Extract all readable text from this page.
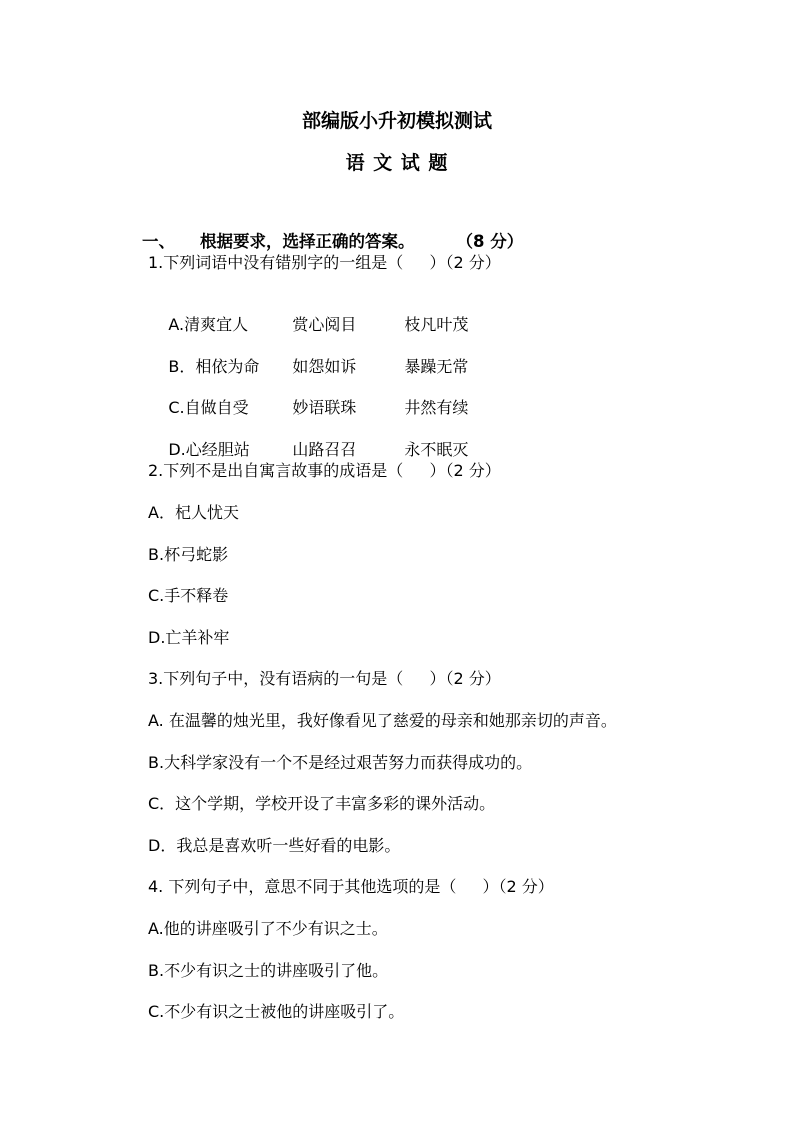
部编版小升初模拟测试
语 文 试 题

一、 根据要求，选择正确的答案。	（8 分）

1.下列词语中没有错别字的一组是（　  ）（2 分）

A.清爽宜人	赏心阅目	枝凡叶茂

B．相依为命 如怨如诉	暴躁无常

C.自做自受	妙语联珠	井然有续

D.心经胆站	山路召召	永不眠灭

2.下列不是出自寓言故事的成语是（　  ）（2 分）
A．杞人忧天
B.杯弓蛇影
C.手不释卷
D.亡羊补牢
3.下列句子中，没有语病的一句是（　  ）（2 分）
A. 在温馨的烛光里，我好像看见了慈爱的母亲和她那亲切的声音。
B.大科学家没有一个不是经过艰苦努力而获得成功的。
C．这个学期，学校开设了丰富多彩的课外活动。
D．我总是喜欢听一些好看的电影。
4. 下列句子中，意思不同于其他选项的是（　  ）（2 分）
A.他的讲座吸引了不少有识之士。
B.不少有识之士的讲座吸引了他。
C.不少有识之士被他的讲座吸引了。
